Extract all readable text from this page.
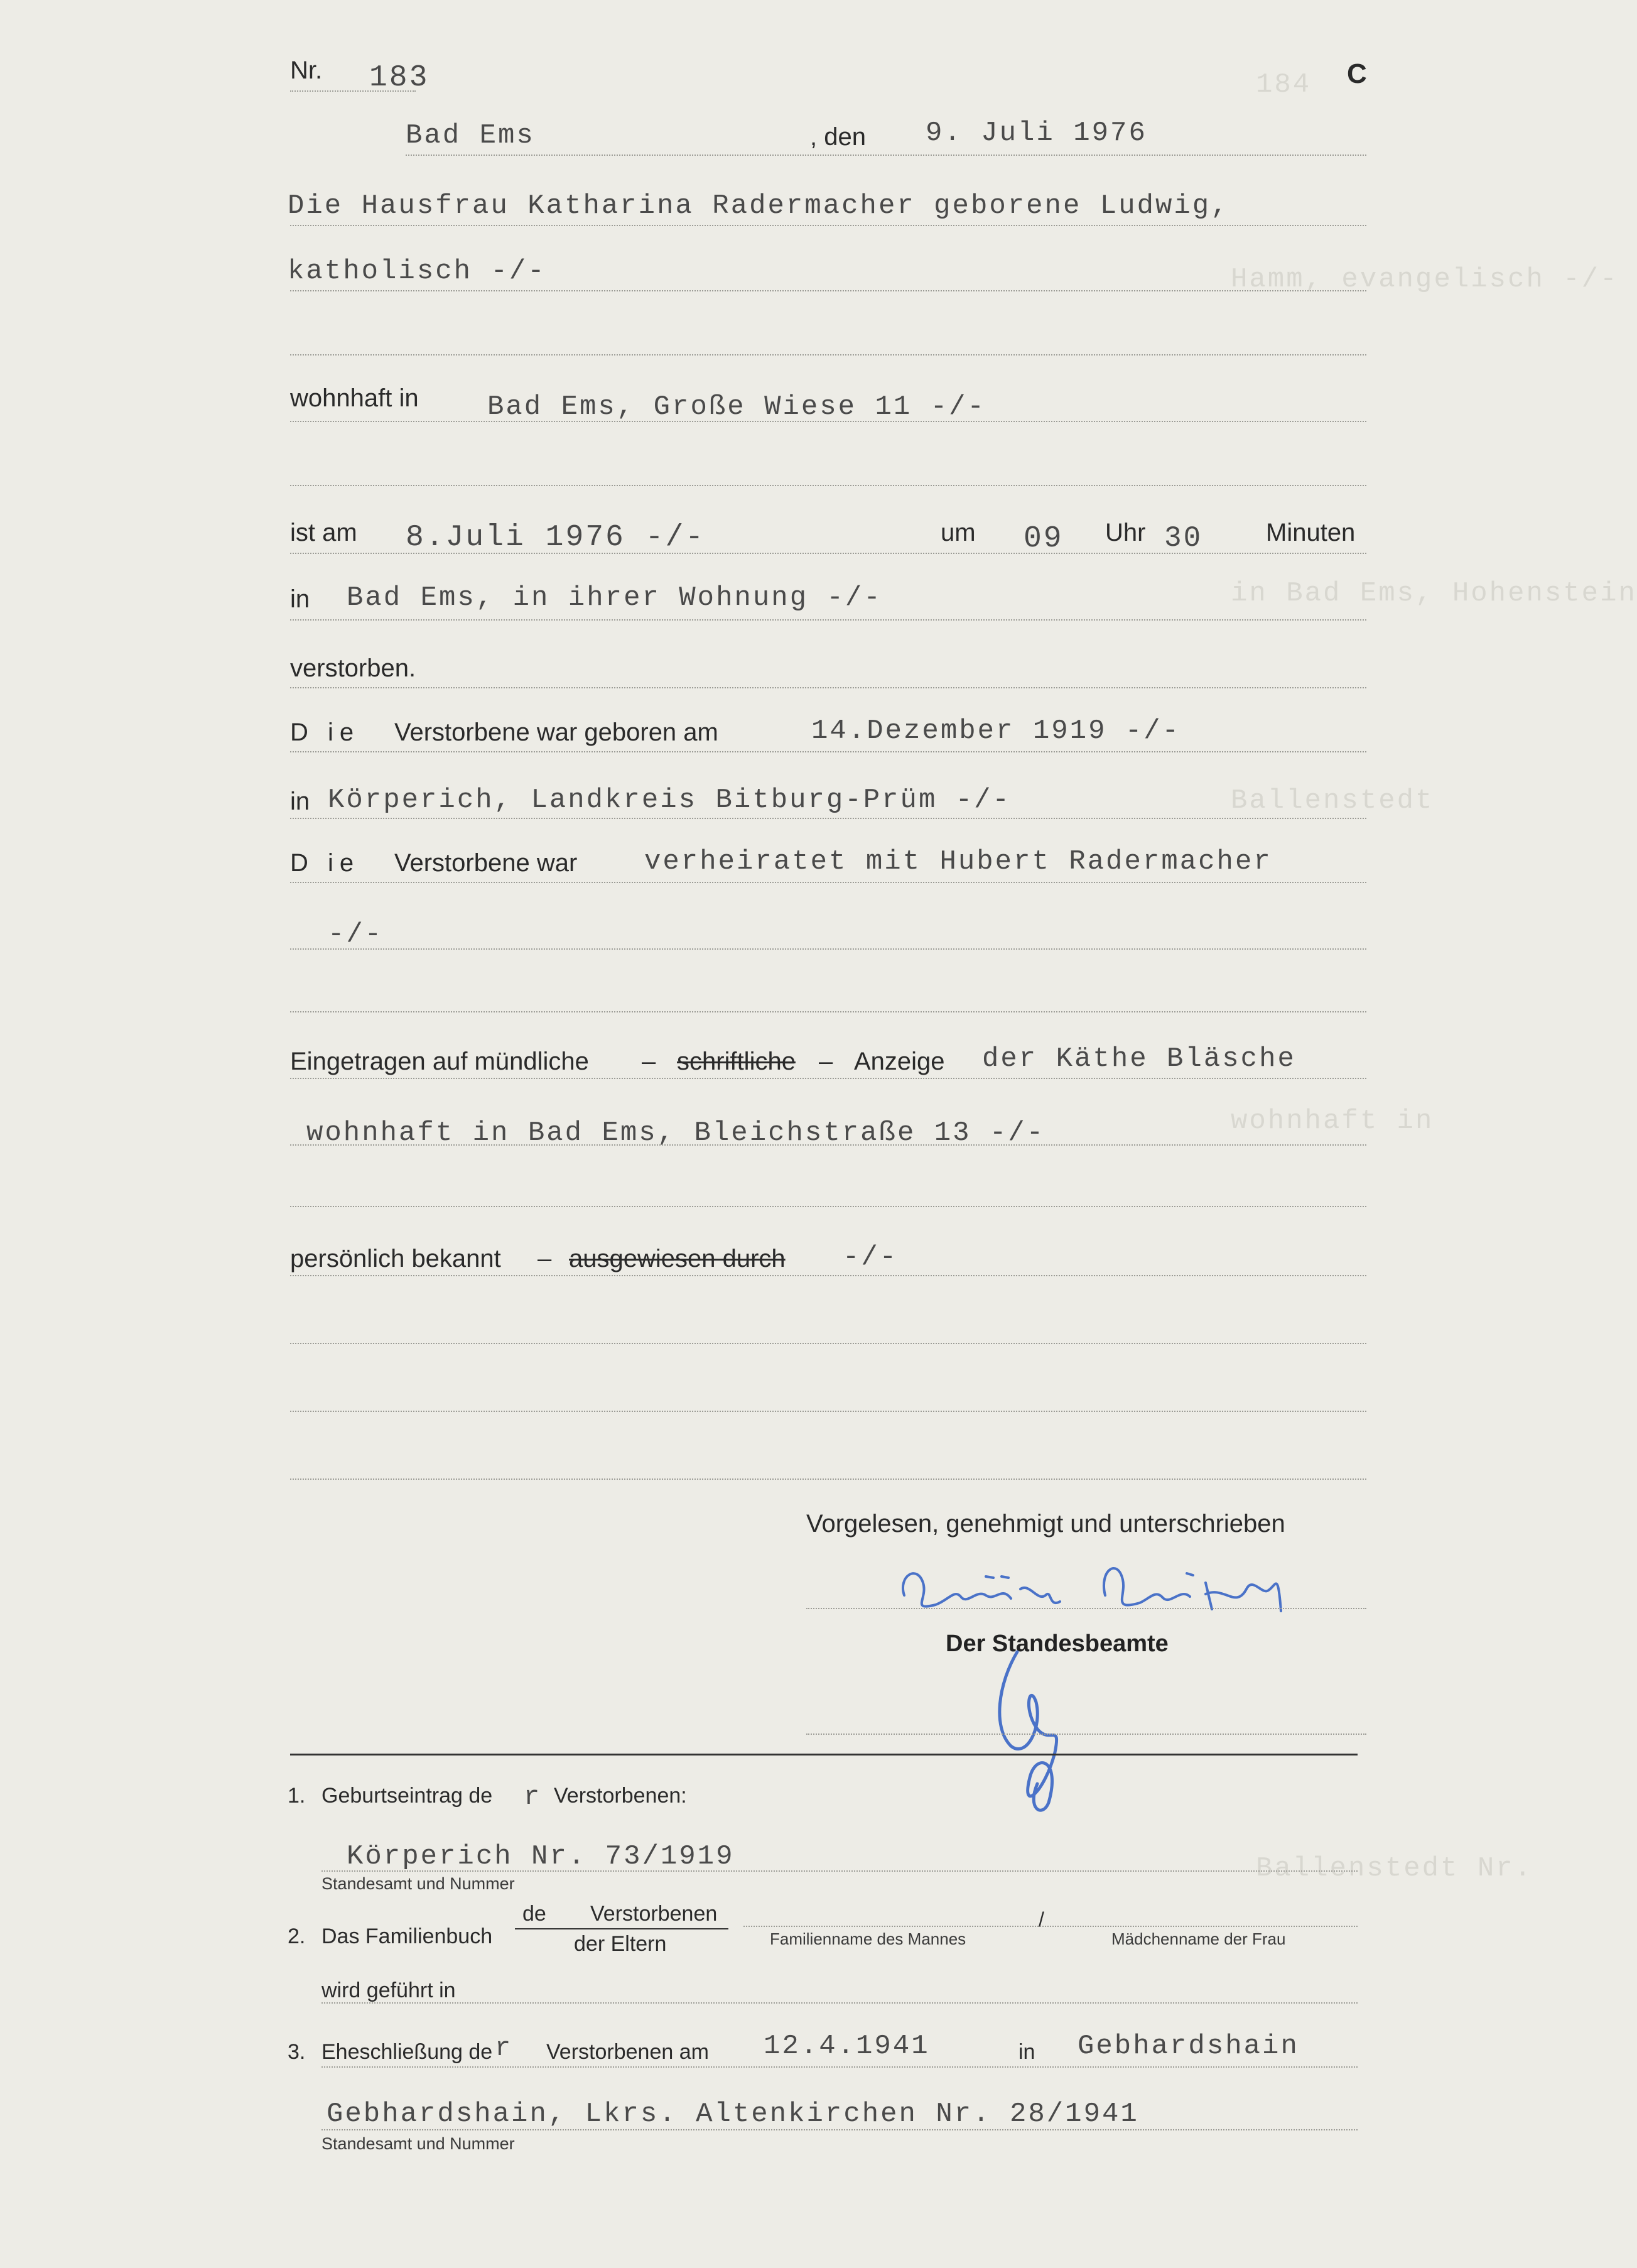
184
Hamm, evangelisch -/-
in Bad Ems, Hohenstein
Ballenstedt
wohnhaft in
Ballenstedt Nr.
Nr. 183	C
Bad Ems	, den 9. Juli 1976
Die Hausfrau Katharina Radermacher geborene Ludwig,
katholisch -/-
wohnhaft in Bad Ems, Große Wiese 11 -/-
ist am 8.Juli 1976 -/-	um 09 Uhr 30	Minuten
in Bad Ems, in ihrer Wohnung -/-
verstorben.
D ie Verstorbene war geboren am	14.Dezember 1919 -/-
in Körperich, Landkreis Bitburg-Prüm -/-
D ie Verstorbene war verheiratet mit Hubert Radermacher
-/-
Eingetragen auf mündliche – schriftliche – Anzeige der Käthe Bläsche
wohnhaft in Bad Ems, Bleichstraße 13 -/-
persönlich bekannt – ausgewiesen durch -/-
Vorgelesen, genehmigt und unterschrieben
Der Standesbeamte
1. Geburtseintrag de r Verstorbenen:
Körperich Nr. 73/1919
Standesamt und Nummer
2. Das Familienbuch
de Verstorbenen
der Eltern	Familienname des Mannes
/
Mädchenname der Frau
wird geführt in
3. Eheschließung de r Verstorbenen am 12.4.1941	in Gebhardshain
Gebhardshain, Lkrs. Altenkirchen Nr. 28/1941
Standesamt und Nummer
